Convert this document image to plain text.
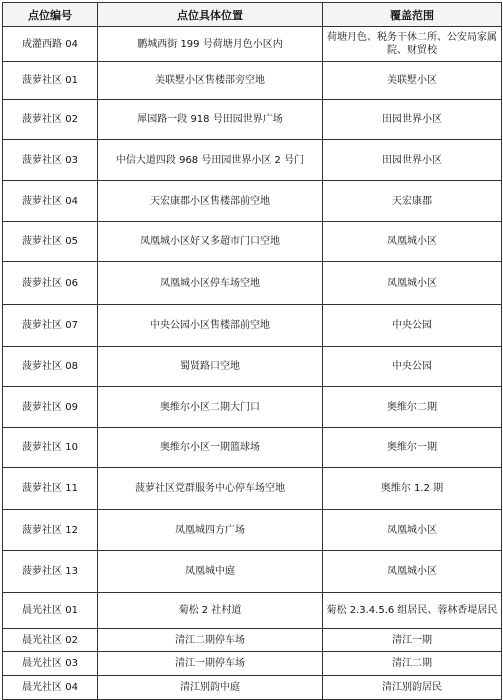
点位编号	点位具体位置	覆盖范围
成灌西路 04	鹏城西街 199 号荷塘月色小区内	荷塘月色、税务干休二所、公安局家属院、财贸校
菠萝社区 01	美联墅小区售楼部旁空地	美联墅小区
菠萝社区 02	犀园路一段 918 号田园世界广场	田园世界小区
菠萝社区 03	中信大道四段 968 号田园世界小区 2 号门	田园世界小区
菠萝社区 04	天宏康郡小区售楼部前空地	天宏康郡
菠萝社区 05	凤凰城小区好又多超市门口空地	凤凰城小区
菠萝社区 06	凤凰城小区停车场空地	凤凰城小区
菠萝社区 07	中央公园小区售楼部前空地	中央公园
菠萝社区 08	蜀贤路口空地	中央公园
菠萝社区 09	奥维尔小区二期大门口	奥维尔二期
菠萝社区 10	奥维尔小区一期篮球场	奥维尔一期
菠萝社区 11	菠萝社区党群服务中心停车场空地	奥维尔 1.2 期
菠萝社区 12	凤凰城四方广场	凤凰城小区
菠萝社区 13	凤凰城中庭	凤凰城小区
晨光社区 01	菊松 2 社村道	菊松 2.3.4.5.6 组居民、蓉林香堤居民
晨光社区 02	清江二期停车场	清江一期
晨光社区 03	清江一期停车场	清江二期
晨光社区 04	清江别韵中庭	清江别韵居民
